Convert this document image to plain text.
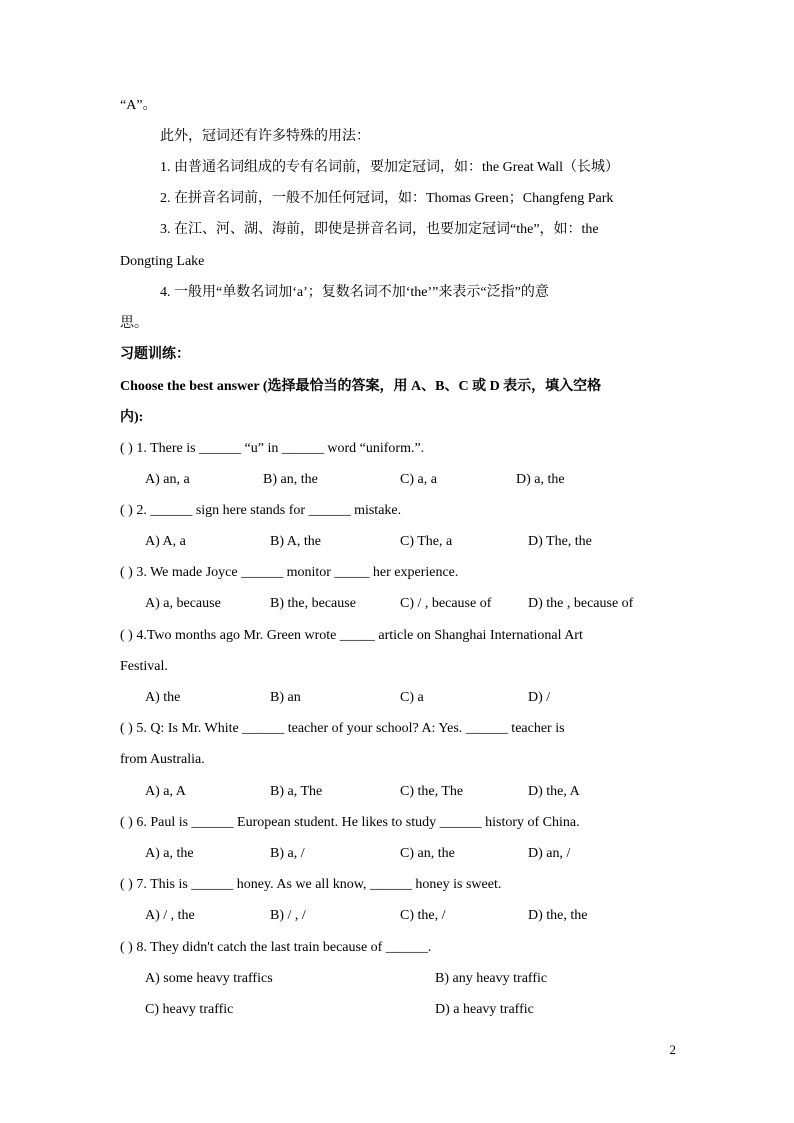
“A”。
此外，冠词还有许多特殊的用法：
1. 由普通名词组成的专有名词前，要加定冠词，如：the Great Wall（长城）
2. 在拼音名词前，一般不加任何冠词，如：Thomas Green；Changfeng Park
3. 在江、河、湖、海前，即使是拼音名词，也要加定冠词“the”，如：the
Dongting Lake
4. 一般用“单数名词加‘a’；复数名词不加‘the’”来表示“泛指”的意
思。
习题训练：
Choose the best answer (选择最恰当的答案，用 A、B、C 或 D 表示，填入空格
内):
( ) 1. There is ______ “u” in ______ word “uniform.”.
A) an, a	B) an, the	C) a, a	D) a, the
( ) 2. ______ sign here stands for ______ mistake.
A) A, a	B) A, the	C) The, a	D) The, the
( ) 3. We made Joyce ______ monitor _____ her experience.
A) a, because	B) the, because	C) / , because of	D) the , because of
( ) 4.Two months ago Mr. Green wrote _____ article on Shanghai International Art
Festival.
A) the	B) an	C) a	D) /
( ) 5. Q: Is Mr. White ______ teacher of your school? A: Yes. ______ teacher is
from Australia.
A) a, A	B) a, The	C) the, The	D) the, A
( ) 6. Paul is ______ European student. He likes to study ______ history of China.
A) a, the	B) a, /	C) an, the	D) an, /
( ) 7. This is ______ honey. As we all know, ______ honey is sweet.
A) / , the	B) / , /	C) the, /	D) the, the
( ) 8. They didn't catch the last train because of ______.
A) some heavy traffics	B) any heavy traffic
C) heavy traffic	D) a heavy traffic
2
